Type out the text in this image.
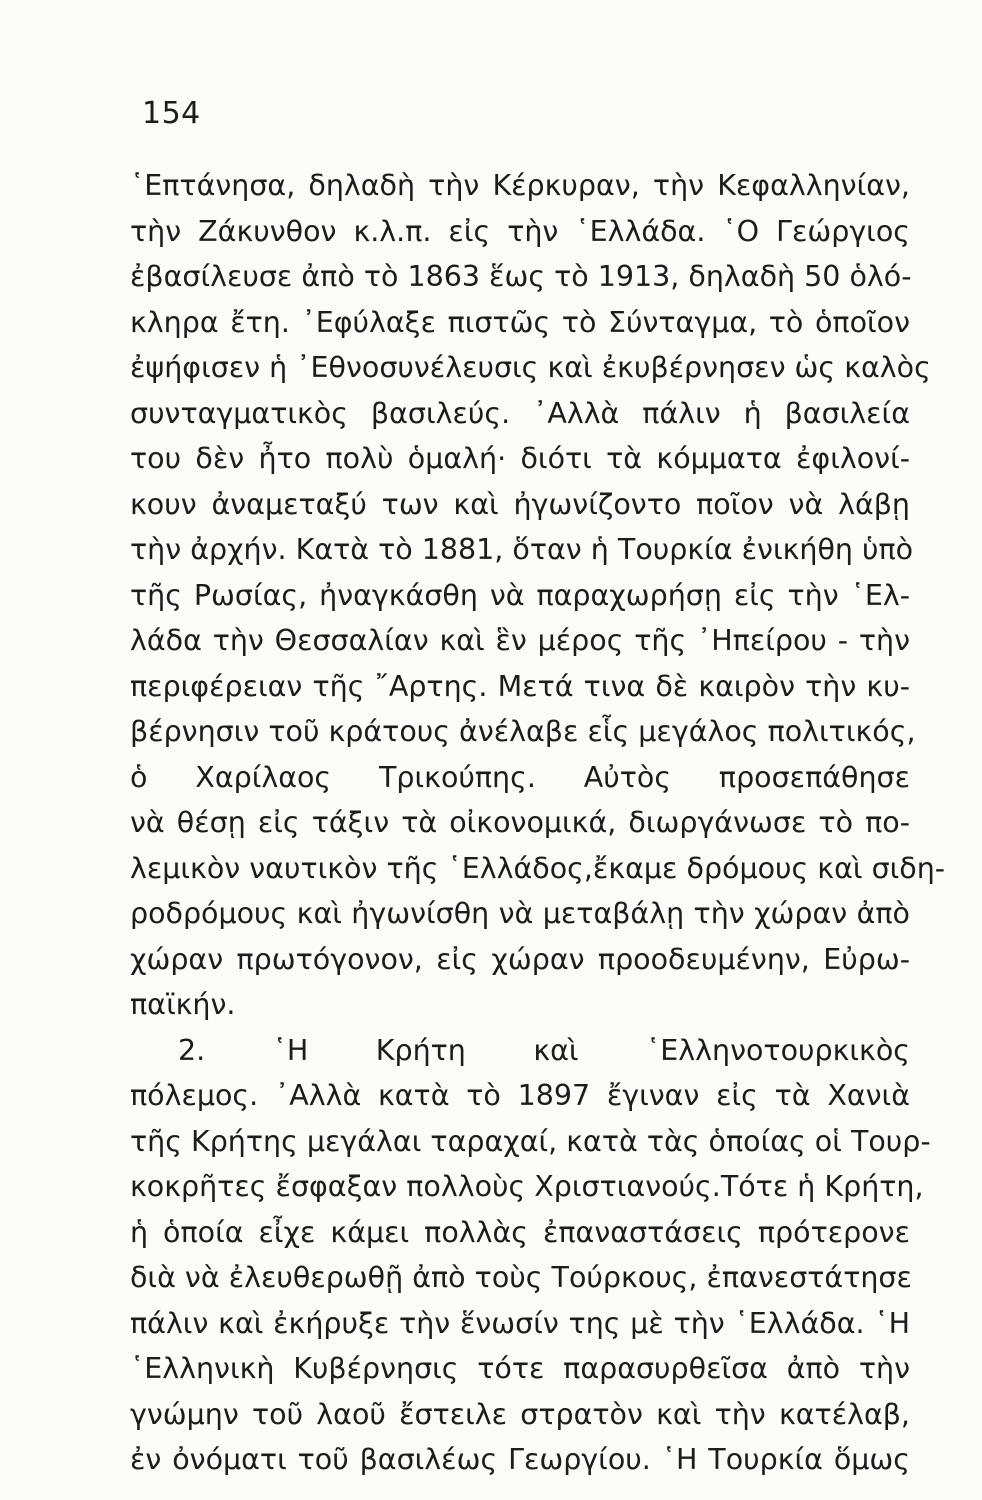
154
῾Επτάνησα, δηλαδὴ τὴν Κέρκυραν, τὴν Κεφαλληνίαν,
τὴν Ζάκυνθον κ.λ.π. εἰς τὴν ῾Ελλάδα. ῾Ο Γεώργιος
ἐβασίλευσε ἀπὸ τὸ 1863 ἕως τὸ 1913, δηλαδὴ 50 ὁλό-
κληρα ἔτη. ᾿Εφύλαξε πιστῶς τὸ Σύνταγμα, τὸ ὁποῖον
ἐψήφισεν ἡ ᾿Εθνοσυνέλευσις καὶ ἐκυβέρνησεν ὡς καλὸς
συνταγματικὸς βασιλεύς. ᾿Αλλὰ πάλιν ἡ βασιλεία
του δὲν ἦτο πολὺ ὁμαλή· διότι τὰ κόμματα ἐφιλονί-
κουν ἀναμεταξύ των καὶ ἠγωνίζοντο ποῖον νὰ λάβῃ
τὴν ἀρχήν. Κατὰ τὸ 1881, ὅταν ἡ Τουρκία ἐνικήθη ὑπὸ
τῆς Ρωσίας, ἠναγκάσθη νὰ παραχωρήσῃ εἰς τὴν ῾Ελ-
λάδα τὴν Θεσσαλίαν καὶ ἓν μέρος τῆς ᾿Ηπείρου - τὴν
περιφέρειαν τῆς ῎Αρτης. Μετά τινα δὲ καιρὸν τὴν κυ-
βέρνησιν τοῦ κράτους ἀνέλαβε εἷς μεγάλος πολιτικός,
ὁ Χαρίλαος Τρικούπης. Αὐτὸς προσεπάθησε
νὰ θέσῃ εἰς τάξιν τὰ οἰκονομικά, διωργάνωσε τὸ πο-
λεμικὸν ναυτικὸν τῆς ῾Ελλάδος,ἔκαμε δρόμους καὶ σιδη-
ροδρόμους καὶ ἠγωνίσθη νὰ μεταβάλῃ τὴν χώραν ἀπὸ
χώραν πρωτόγονον, εἰς χώραν προοδευμένην, Εὐρω-
παϊκήν.
2. ῾Η Κρήτη καὶ ῾Ελληνοτουρκικὸς
πόλεμος. ᾿Αλλὰ κατὰ τὸ 1897 ἔγιναν εἰς τὰ Χανιὰ
τῆς Κρήτης μεγάλαι ταραχαί, κατὰ τὰς ὁποίας οἱ Τουρ-
κοκρῆτες ἔσφαξαν πολλοὺς Χριστιανούς.Τότε ἡ Κρήτη,
ἡ ὁποία εἶχε κάμει πολλὰς ἐπαναστάσεις πρότερονε
διὰ νὰ ἐλευθερωθῇ ἀπὸ τοὺς Τούρκους, ἐπανεστάτησε
πάλιν καὶ ἐκήρυξε τὴν ἕνωσίν της μὲ τὴν ῾Ελλάδα. ῾Η
῾Ελληνικὴ Κυβέρνησις τότε παρασυρθεῖσα ἀπὸ τὴν
γνώμην τοῦ λαοῦ ἔστειλε στρατὸν καὶ τὴν κατέλαβ,
ἐν ὀνόματι τοῦ βασιλέως Γεωργίου. ῾Η Τουρκία ὅμως
